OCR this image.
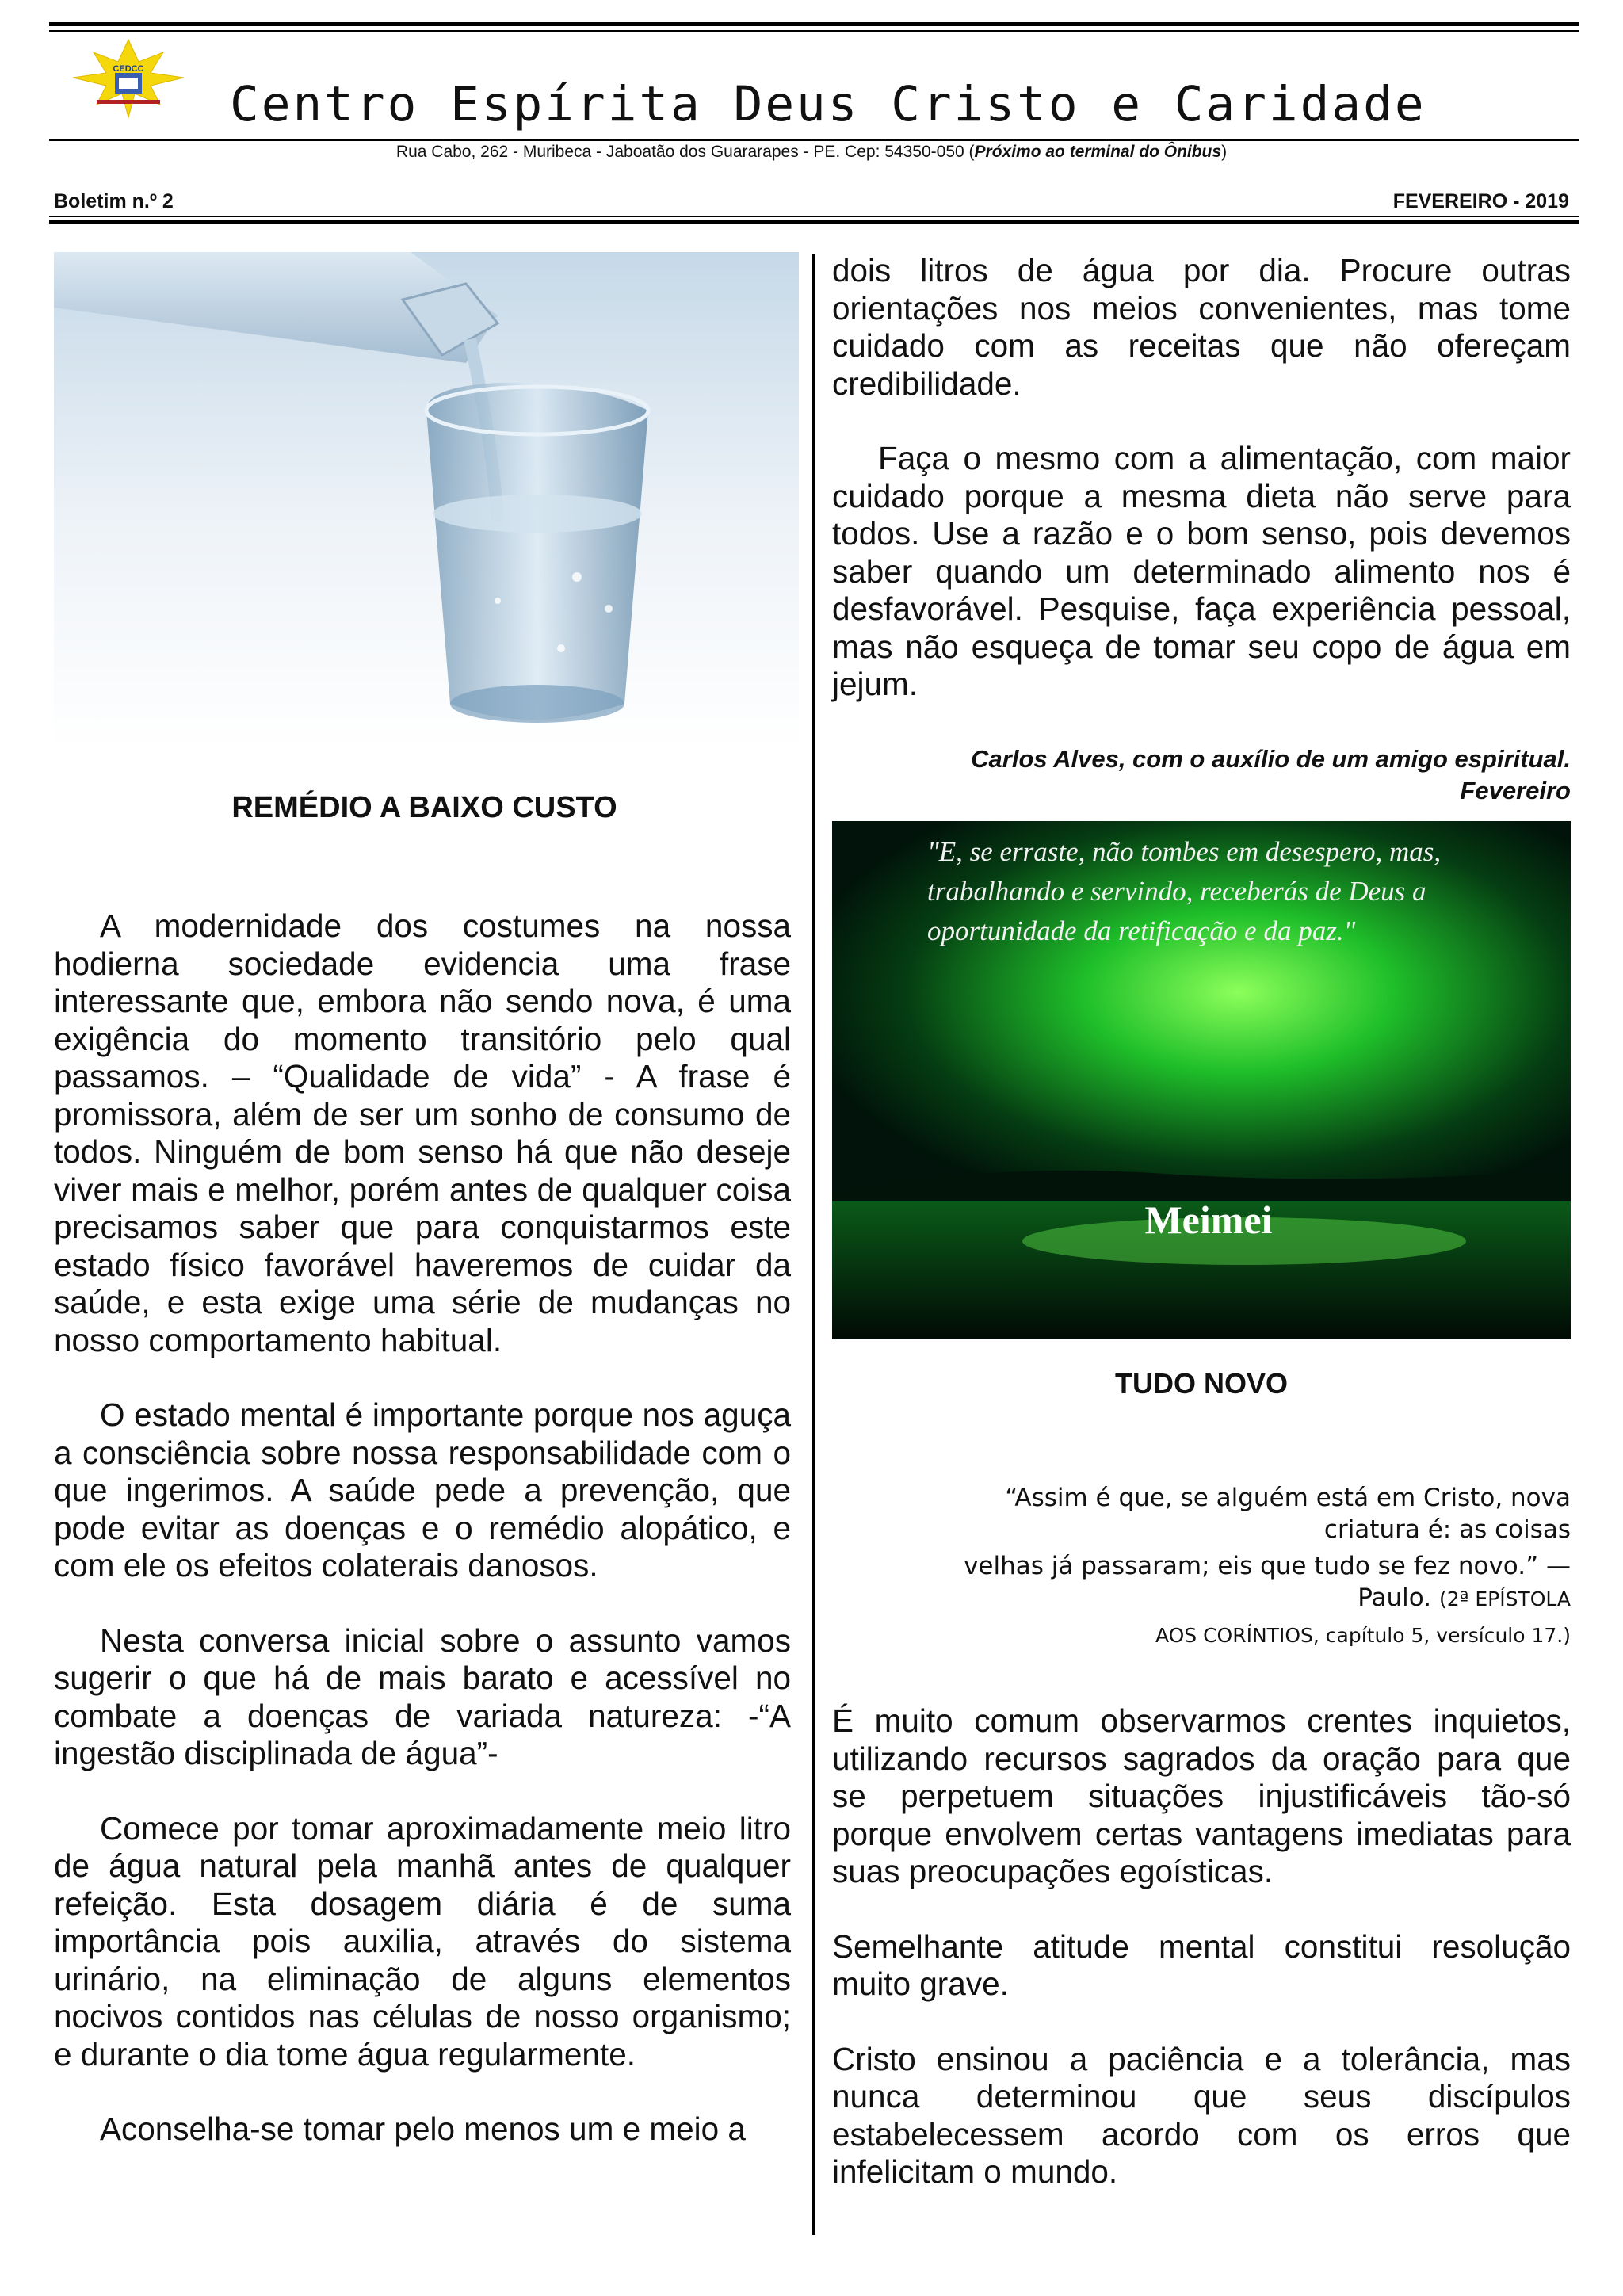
CEDCC
Centro Espírita Deus Cristo e Caridade
Rua Cabo, 262 - Muribeca - Jaboatão dos Guararapes - PE. Cep: 54350-050 (Próximo ao terminal do Ônibus)
Boletim n.º 2	FEVEREIRO - 2019
REMÉDIO A BAIXO CUSTO

A modernidade dos costumes na nossa hodierna sociedade evidencia uma frase interessante que, embora não sendo nova, é uma exigência do momento transitório pelo qual passamos. – “Qualidade de vida” - A frase é promissora, além de ser um sonho de consumo de todos. Ninguém de bom senso há que não deseje viver mais e melhor, porém antes de qualquer coisa precisamos saber que para conquistarmos este estado físico favorável haveremos de cuidar da saúde, e esta exige uma série de mudanças no nosso comportamento habitual.

O estado mental é importante porque nos aguça a consciência sobre nossa responsabilidade com o que ingerimos. A saúde pede a prevenção, que pode evitar as doenças e o remédio alopático, e com ele os efeitos colaterais danosos.

Nesta conversa inicial sobre o assunto vamos sugerir o que há de mais barato e acessível no combate a doenças de variada natureza: -“A ingestão disciplinada de água”-

Comece por tomar aproximadamente meio litro de água natural pela manhã antes de qualquer refeição. Esta dosagem diária é de suma importância pois auxilia, através do sistema urinário, na eliminação de alguns elementos nocivos contidos nas células de nosso organismo; e durante o dia tome água regularmente.

Aconselha-se tomar pelo menos um e meio a

dois litros de água por dia. Procure outras orientações nos meios convenientes, mas tome cuidado com as receitas que não ofereçam credibilidade.

Faça o mesmo com a alimentação, com maior cuidado porque a mesma dieta não serve para todos. Use a razão e o bom senso, pois devemos saber quando um determinado alimento nos é desfavorável. Pesquise, faça experiência pessoal, mas não esqueça de tomar seu copo de água em jejum.

Carlos Alves, com o auxílio de um amigo espiritual.
Fevereiro
"E, se erraste, não tombes em desespero, mas,
trabalhando e servindo, receberás de Deus a
oportunidade da retificação e da paz."
Meimei
TUDO NOVO
“Assim é que, se alguém está em Cristo, nova
criatura é: as coisas
velhas já passaram; eis que tudo se fez novo.” —
Paulo. (2ª EPÍSTOLA
AOS CORÍNTIOS, capítulo 5, versículo 17.)

É muito comum observarmos crentes inquietos, utilizando recursos sagrados da oração para que se perpetuem situações injustificáveis tão-só porque envolvem certas vantagens imediatas para suas preocupações egoísticas.

Semelhante atitude mental constitui resolução muito grave.

Cristo ensinou a paciência e a tolerância, mas nunca determinou que seus discípulos estabelecessem acordo com os erros que infelicitam o mundo.
